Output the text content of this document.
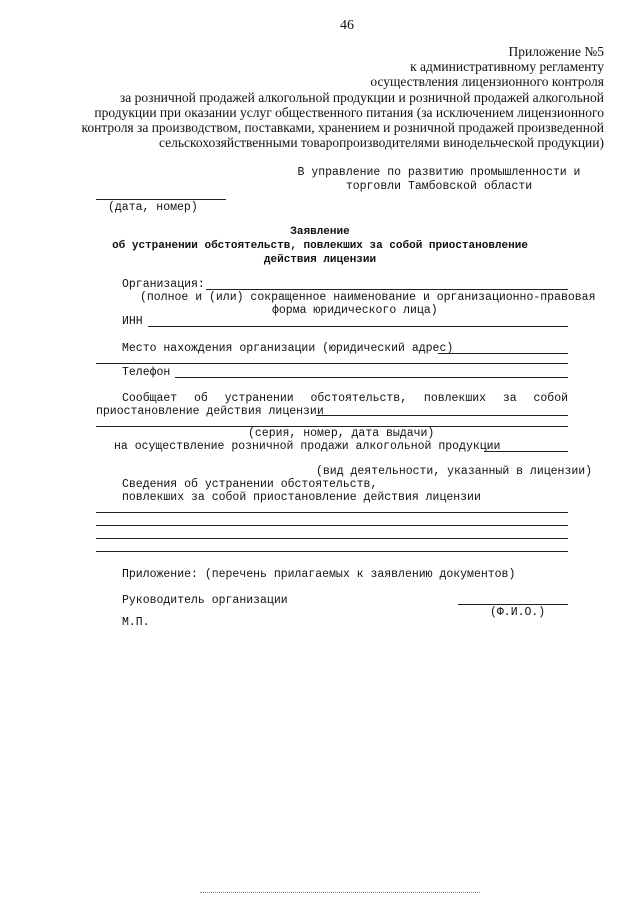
46
Приложение №5
к административному регламенту
осуществления лицензионного контроля
за розничной продажей алкогольной продукции и розничной продажей алкогольной
продукции при оказании услуг общественного питания (за исключением лицензионного
контроля за производством, поставками, хранением и розничной продажей произведенной
сельскохозяйственными товаропроизводителями винодельческой продукции)
В управление по развитию промышленности и
торговли Тамбовской области
(дата, номер)
Заявление
об устранении обстоятельств, повлекших за собой приостановление
действия лицензии
Организация:
(полное и (или) сокращенное наименование и организационно-правовая
форма юридического лица)
ИНН
Место нахождения организации (юридический адрес)
Телефон
Сообщает об устранении обстоятельств, повлекших за собой
приостановление действия лицензии
(серия, номер, дата выдачи)
на осуществление розничной продажи алкогольной продукции
(вид деятельности, указанный в лицензии)
Сведения об устранении обстоятельств,
повлекших за собой приостановление действия лицензии
Приложение: (перечень прилагаемых к заявлению документов)
Руководитель организации
(Ф.И.О.)
М.П.
